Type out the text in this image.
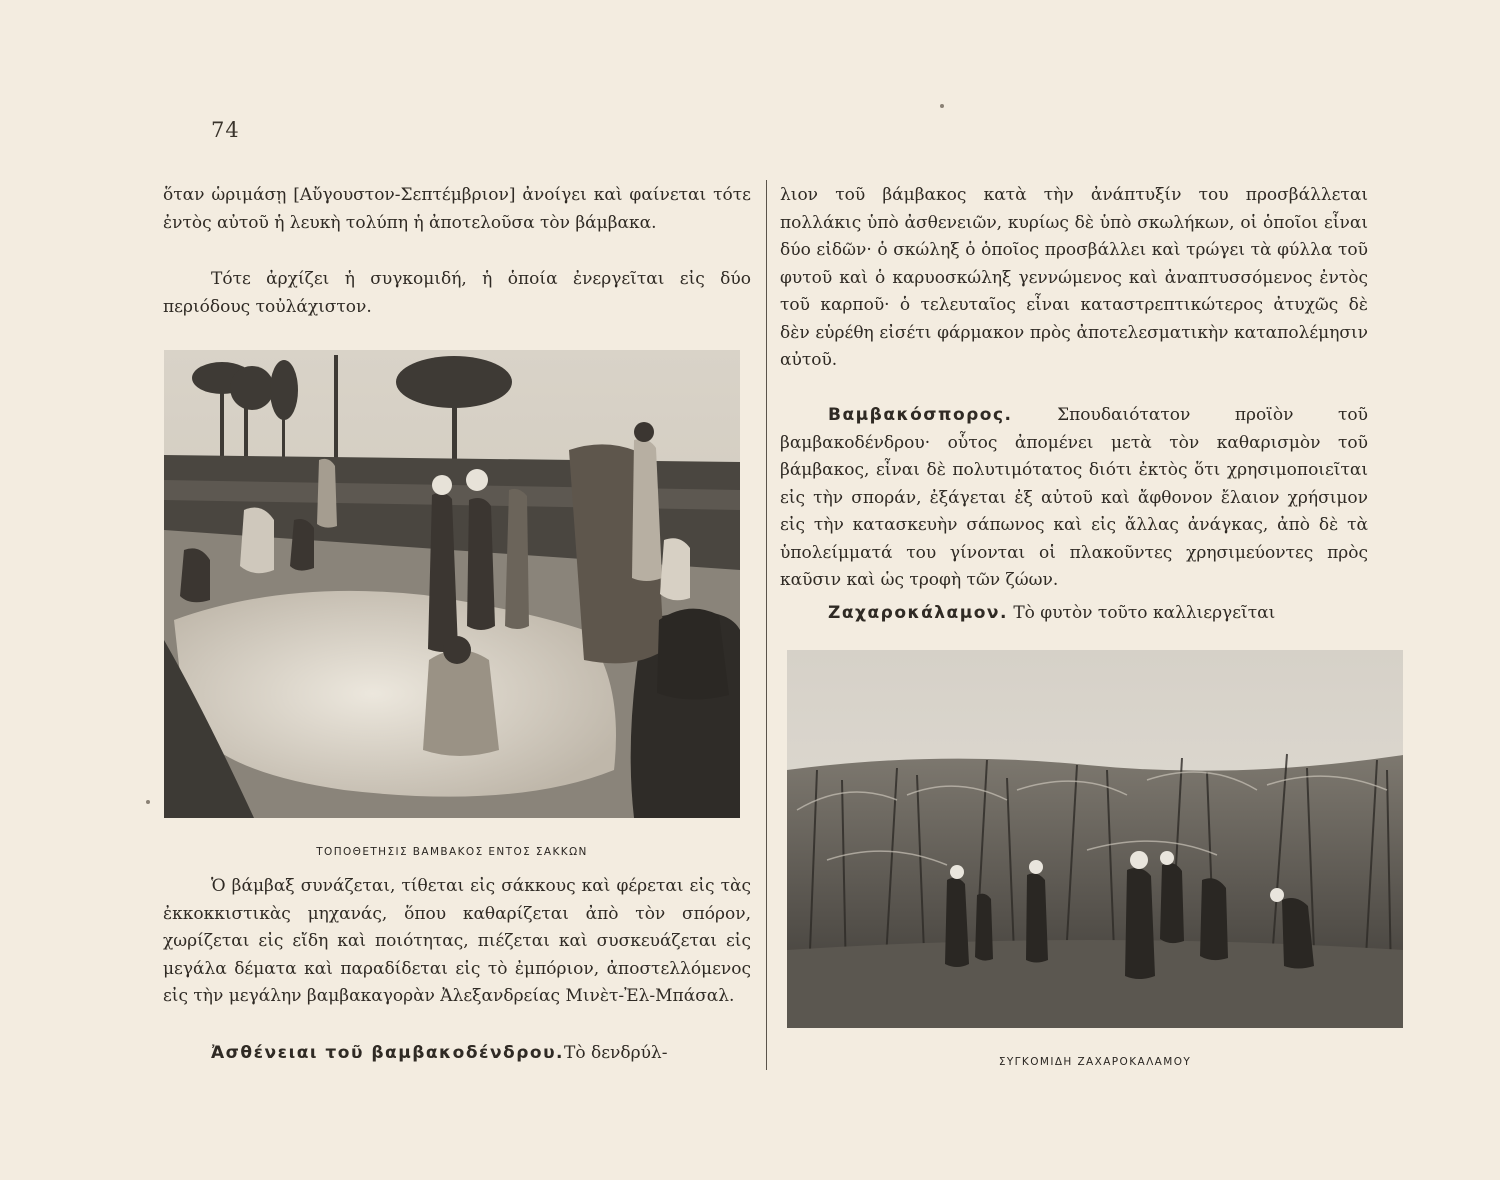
74

ὅταν ὡριμάσῃ [Αὔγουστον-Σεπτέμβριον] ἀνοίγει καὶ φαίνεται τότε ἐντὸς αὐτοῦ ἡ λευκὴ τολύπη ἡ ἀποτελοῦσα τὸν βάμβακα.

Τότε ἀρχίζει ἡ συγκομιδή, ἡ ὁποία ἐνεργεῖται εἰς δύο περιόδους τοὐλάχιστον.

ΤΟΠΟΘΕΤΗΣΙΣ ΒΑΜΒΑΚΟΣ ΕΝΤΟΣ ΣΑΚΚΩΝ

Ὁ βάμβαξ συνάζεται, τίθεται εἰς σάκκους καὶ φέρεται εἰς τὰς ἐκκοκκιστικὰς μηχανάς, ὅπου καθαρίζεται ἀπὸ τὸν σπόρον, χωρίζεται εἰς εἴδη καὶ ποιότητας, πιέζεται καὶ συσκευάζεται εἰς μεγάλα δέματα καὶ παραδίδεται εἰς τὸ ἐμπόριον, ἀποστελλόμενος εἰς τὴν μεγάλην βαμβακαγορὰν Ἀλεξανδρείας Μινὲτ-Ἐλ-Μπάσαλ.

Ἀσθένειαι τοῦ βαμβακοδένδρου.Τὸ δενδρύλ-

λιον τοῦ βάμβακος κατὰ τὴν ἀνάπτυξίν του προσβάλλεται πολλάκις ὑπὸ ἀσθενειῶν, κυρίως δὲ ὑπὸ σκωλήκων, οἱ ὁποῖοι εἶναι δύο εἰδῶν· ὁ σκώληξ ὁ ὁποῖος προσβάλλει καὶ τρώγει τὰ φύλλα τοῦ φυτοῦ καὶ ὁ καρυοσκώληξ γεννώμενος καὶ ἀναπτυσσόμενος ἐντὸς τοῦ καρποῦ· ὁ τελευταῖος εἶναι καταστρεπτικώτερος ἀτυχῶς δὲ δὲν εὑρέθη εἰσέτι φάρμακον πρὸς ἀποτελεσματικὴν καταπολέμησιν αὐτοῦ.

Βαμβακόσπορος.	Σπουδαιότατον προϊὸν τοῦ βαμβακοδένδρου· οὗτος ἀπομένει μετὰ τὸν καθαρισμὸν τοῦ βάμβακος, εἶναι δὲ πολυτιμότατος διότι ἐκτὸς ὅτι χρησιμοποιεῖται εἰς τὴν σποράν, ἐξάγεται ἐξ αὐτοῦ καὶ ἄφθονον ἔλαιον χρήσιμον εἰς τὴν κατασκευὴν σάπωνος καὶ εἰς ἄλλας ἀνάγκας, ἀπὸ δὲ τὰ ὑπολείμματά του γίνονται οἱ πλακοῦντες χρησιμεύοντες πρὸς καῦσιν καὶ ὡς τροφὴ τῶν ζώων.

Ζαχαροκάλαμον. Τὸ φυτὸν τοῦτο καλλιεργεῖται

ΣΥΓΚΟΜΙΔΗ ΖΑΧΑΡΟΚΑΛΑΜΟΥ
